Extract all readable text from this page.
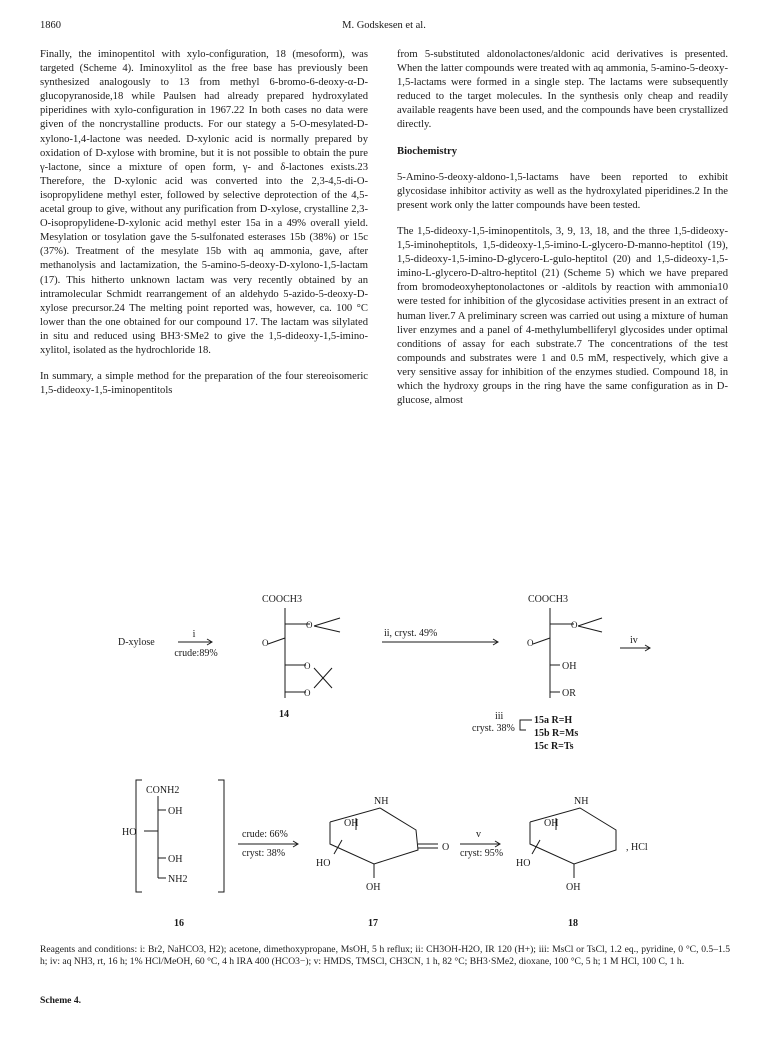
1860	M. Godskesen et al.

Finally, the iminopentitol with xylo-configuration, 18 (mesoform), was targeted (Scheme 4). Iminoxylitol as the free base has previously been synthesized analogously to 13 from methyl 6-bromo-6-deoxy-α-D-glucopyranoside,18 while Paulsen had already prepared hydroxylated piperidines with xylo-configuration in 1967.22 In both cases no data were given of the noncrystalline products. For our stategy a 5-O-mesylated-D-xylono-1,4-lactone was needed. D-xylonic acid is normally prepared by oxidation of D-xylose with bromine, but it is not possible to obtain the pure γ-lactone, since a mixture of open form, γ- and δ-lactones exists.23 Therefore, the D-xylonic acid was converted into the 2,3-4,5-di-O-isopropylidene methyl ester, followed by selective deprotection of the 4,5-acetal group to give, without any purification from D-xylose, crystalline 2,3-O-isopropylidene-D-xylonic acid methyl ester 15a in a 49% overall yield. Mesylation or tosylation gave the 5-sulfonated esterases 15b (38%) or 15c (37%). Treatment of the mesylate 15b with aq ammonia, gave, after methanolysis and lactamization, the 5-amino-5-deoxy-D-xylono-1,5-lactam (17). This hitherto unknown lactam was very recently obtained by an intramolecular Schmidt rearrangement of an aldehydo 5-azido-5-deoxy-D-xylose precursor.24 The melting point reported was, however, ca. 100 °C lower than the one obtained for our compound 17. The lactam was silylated in situ and reduced using BH3·SMe2 to give the 1,5-dideoxy-1,5-imino-xylitol, isolated as the hydrochloride 18.

In summary, a simple method for the preparation of the four stereoisomeric 1,5-dideoxy-1,5-iminopentitols

from 5-substituted aldonolactones/aldonic acid derivatives is presented. When the latter compounds were treated with aq ammonia, 5-amino-5-deoxy-1,5-lactams were formed in a single step. The lactams were subsequently reduced to the target molecules. In the synthesis only cheap and readily available reagents have been used, and the compounds have been crystallized directly.

Biochemistry

5-Amino-5-deoxy-aldono-1,5-lactams have been reported to exhibit glycosidase inhibitor activity as well as the hydroxylated piperidines.2 In the present work only the latter compounds have been tested.

The 1,5-dideoxy-1,5-iminopentitols, 3, 9, 13, 18, and the three 1,5-dideoxy-1,5-iminoheptitols, 1,5-dideoxy-1,5-imino-L-glycero-D-manno-heptitol (19), 1,5-dideoxy-1,5-imino-D-glycero-L-gulo-heptitol (20) and 1,5-dideoxy-1,5-imino-L-glycero-D-altro-heptitol (21) (Scheme 5) which we have prepared from bromodeoxyheptonolactones or -alditols by reaction with ammonia10 were tested for inhibition of the glycosidase activities present in an extract of human liver.7 A preliminary screen was carried out using a mixture of human liver enzymes and a panel of 4-methylumbelliferyl glycosides under optimal conditions of assay for each substrate.7 The concentrations of the test compounds and substrates were 1 and 0.5 mM, respectively, which give a very sensitive assay for inhibition of the enzymes studied. Compound 18, in which the hydroxy groups in the ring have the same configuration as in D-glucose, almost

D-xylose
i
crude:89%
COOCH3
O
O
O
O
14
ii, cryst. 49%
COOCH3
O
O
OH
OR
iv
iii
cryst. 38%
15a R=H
15b R=Ms
15c R=Ts
CONH2
OH
HO
OH
NH2
16
crude: 66%
cryst: 38%
NH
OH
HO
OH
O
17
v
cryst: 95%
NH
OH
HO
OH
, HCl
18

Reagents and conditions: i: Br2, NaHCO3, H2); acetone, dimethoxypropane, MsOH, 5 h reflux; ii: CH3OH-H2O, IR 120 (H+); iii: MsCl or TsCl, 1.2 eq., pyridine, 0 °C, 0.5–1.5 h; iv: aq NH3, rt, 16 h; 1% HCl/MeOH, 60 °C, 4 h IRA 400 (HCO3−); v: HMDS, TMSCl, CH3CN, 1 h, 82 °C; BH3·SMe2, dioxane, 100 °C, 5 h; 1 M HCl, 100 C, 1 h.

Scheme 4.
